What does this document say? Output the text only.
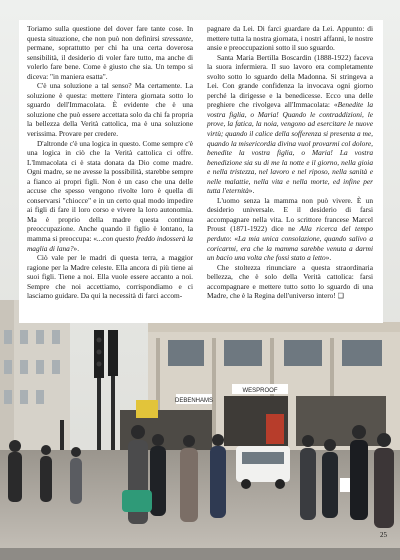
DEBENHAMS
WESPROOF

Toriamo sulla questione del dover fare tante cose. In questa situazione, che non può non definirsi stressante, permane, soprattutto per chi ha una certa doverosa sensibilità, il desiderio di voler fare tutto, ma anche di volerlo fare bene. Come è giusto che sia. Un tempo si diceva: "in maniera esatta".

C'è una soluzione a tal senso? Ma certamente. La soluzione è questa: mettere l'intera giornata sotto lo sguardo dell'Immacolata. È evidente che è una soluzione che può essere accettata solo da chi fa propria la bellezza della Verità cattolica, ma è una soluzione verissima. Provare per credere.

D'altronde c'è una logica in questo. Come sempre c'è una logica in ciò che la Verità cattolica ci offre. L'Immacolata ci è stata donata da Dio come madre. Ogni madre, se ne avesse la possibilità, starebbe sempre a fianco ai propri figli. Non è un caso che una delle accuse che spesso vengono rivolte loro è quella di conservarsi "chiocce" e in un certo qual modo impedire ai figli di fare il loro corso e vivere la loro autonomia. Ma è proprio della madre questa continua preoccupazione. Anche quando il figlio è lontano, la mamma si preoccupa: «...con questo freddo indosserà la maglia di lana?».

Ciò vale per le madri di questa terra, a maggior ragione per la Madre celeste. Ella ancora di più tiene ai suoi figli. Tiene a noi. Ella vuole essere accanto a noi. Sempre che noi accettiamo, corrispondiamo e ci lasciamo guidare. Da qui la necessità di farci accom-

pagnare da Lei. Di farci guardare da Lei. Appunto: di mettere tutta la nostra giornata, i nostri affanni, le nostre ansie e preoccupazioni sotto il suo sguardo.

Santa Maria Bertilla Boscardin (1888-1922) faceva la suora infermiera. Il suo lavoro era completamente svolto sotto lo sguardo della Madonna. Si stringeva a Lei. Con grande confidenza la invocava ogni giorno perché la dirigesse e la benedicesse. Ecco una delle preghiere che rivolgeva all'Immacolata: «Benedite la vostra figlia, o Maria! Quando le contraddizioni, le prove, la fatica, la noia, vengono ad esercitare le nuove virtù; quando il calice della sofferenza si presenta a me, quando la misericordia divina vuol provarmi col dolore, benedite la vostra figlia, o Maria! La vostra benedizione sia su di me la notte e il giorno, nella gioia e nella tristezza, nel lavoro e nel riposo, nella sanità e nelle malattie, nella vita e nella morte, ed infine per tutta l'eternità».

L'uomo senza la mamma non può vivere. È un desiderio universale. E il desiderio di farsi accompagnare nella vita. Lo scrittore francese Marcel Proust (1871-1922) dice ne Alla ricerca del tempo perduto: «La mia unica consolazione, quando salivo a coricarmi, era che la mamma sarebbe venuta a darmi un bacio una volta che fossi stato a letto».

Che stoltezza rinunciare a questa straordinaria bellezza, che è solo della Verità cattolica: farsi accompagnare e mettere tutto sotto lo sguardo di una Madre, che è la Regina dell'universo intero! ❑

25
